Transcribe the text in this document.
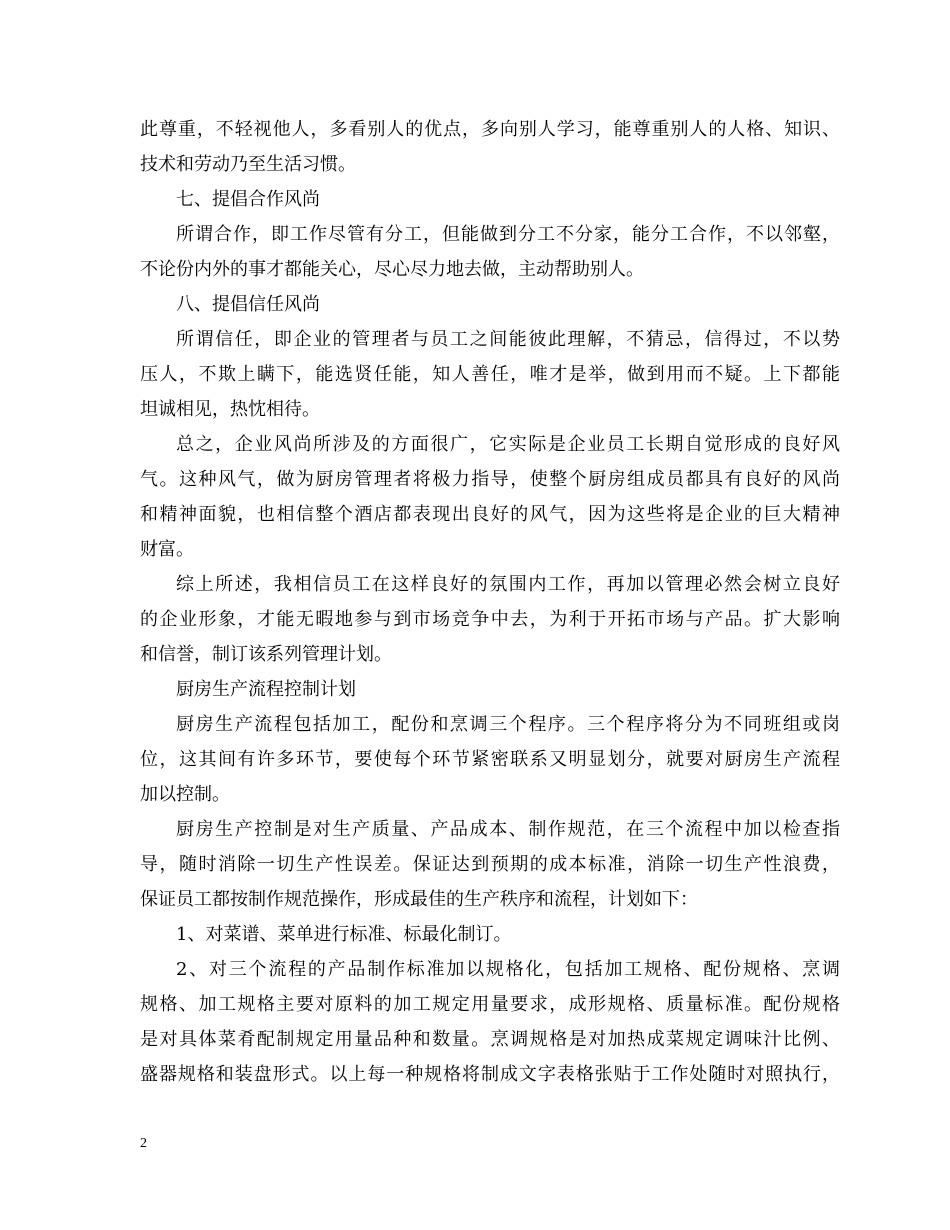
此尊重，不轻视他人，多看别人的优点，多向别人学习，能尊重别人的人格、知识、
技术和劳动乃至生活习惯。
七、提倡合作风尚
所谓合作，即工作尽管有分工，但能做到分工不分家，能分工合作，不以邻壑，
不论份内外的事才都能关心，尽心尽力地去做，主动帮助别人。
八、提倡信任风尚
所谓信任，即企业的管理者与员工之间能彼此理解，不猜忌，信得过，不以势
压人，不欺上瞒下，能选贤任能，知人善任，唯才是举，做到用而不疑。上下都能
坦诚相见，热忱相待。
总之，企业风尚所涉及的方面很广，它实际是企业员工长期自觉形成的良好风
气。这种风气，做为厨房管理者将极力指导，使整个厨房组成员都具有良好的风尚
和精神面貌，也相信整个酒店都表现出良好的风气，因为这些将是企业的巨大精神
财富。
综上所述，我相信员工在这样良好的氛围内工作，再加以管理必然会树立良好
的企业形象，才能无暇地参与到市场竞争中去，为利于开拓市场与产品。扩大影响
和信誉，制订该系列管理计划。
厨房生产流程控制计划
厨房生产流程包括加工，配份和烹调三个程序。三个程序将分为不同班组或岗
位，这其间有许多环节，要使每个环节紧密联系又明显划分，就要对厨房生产流程
加以控制。
厨房生产控制是对生产质量、产品成本、制作规范，在三个流程中加以检查指
导，随时消除一切生产性误差。保证达到预期的成本标准，消除一切生产性浪费，
保证员工都按制作规范操作，形成最佳的生产秩序和流程，计划如下：
1、对菜谱、菜单进行标准、标最化制订。
2、对三个流程的产品制作标准加以规格化，包括加工规格、配份规格、烹调
规格、加工规格主要对原料的加工规定用量要求，成形规格、质量标准。配份规格
是对具体菜肴配制规定用量品种和数量。烹调规格是对加热成菜规定调味汁比例、
盛器规格和装盘形式。以上每一种规格将制成文字表格张贴于工作处随时对照执行，
2
